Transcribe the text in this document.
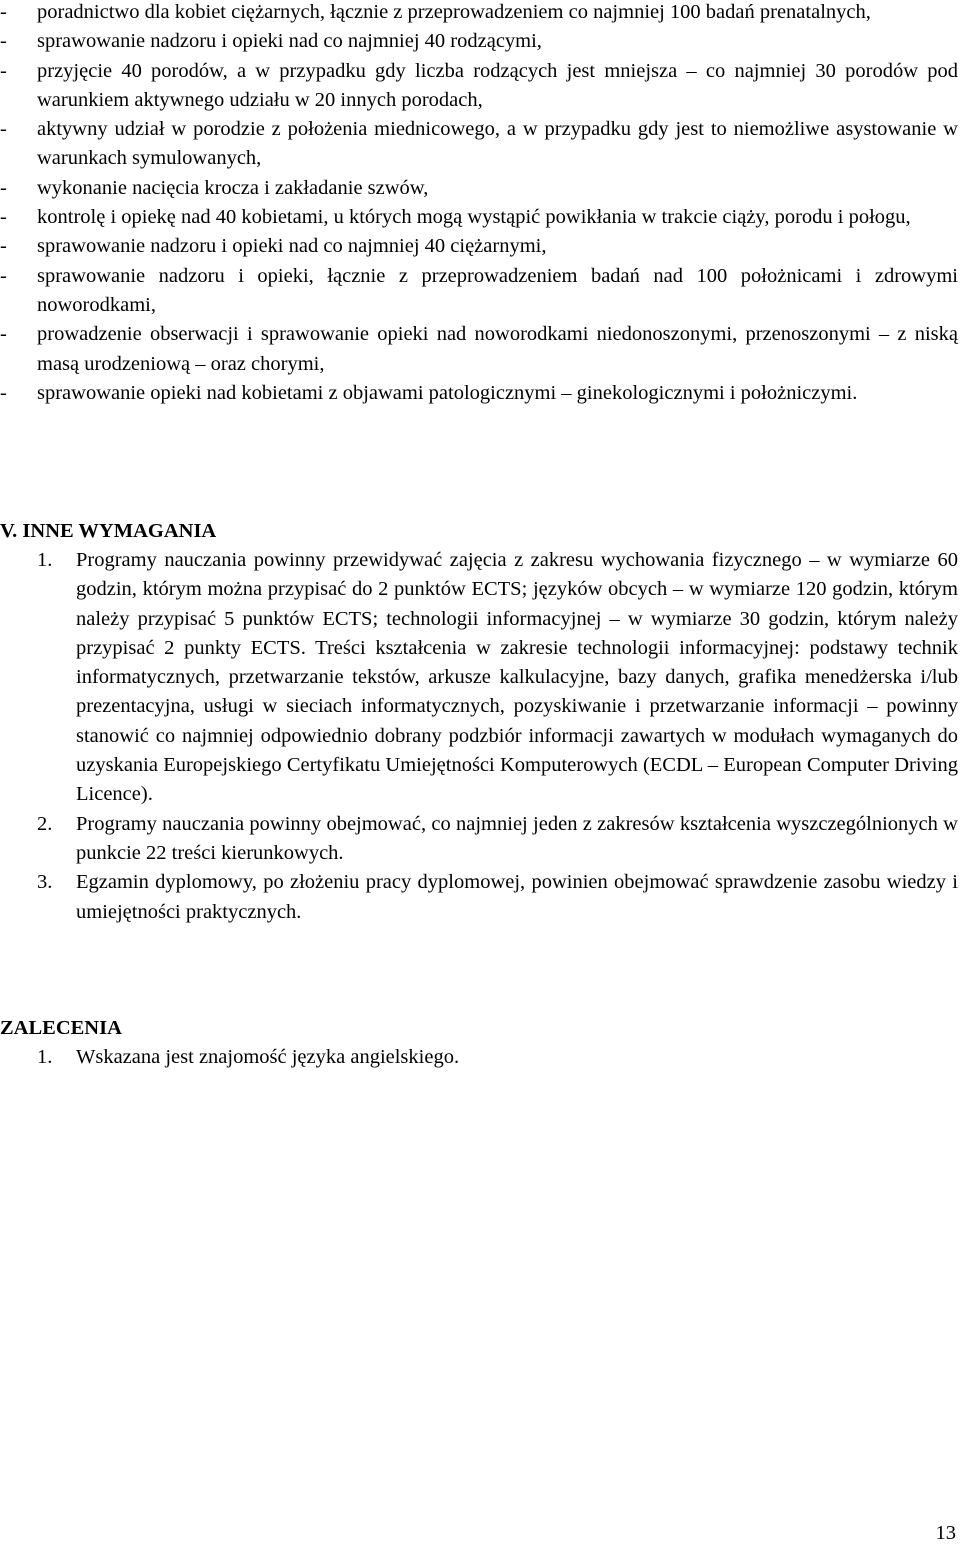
- poradnictwo dla kobiet ciężarnych, łącznie z przeprowadzeniem co najmniej 100 badań prenatalnych,
- sprawowanie nadzoru i opieki nad co najmniej 40 rodzącymi,
- przyjęcie 40 porodów, a w przypadku gdy liczba rodzących jest mniejsza – co najmniej 30 porodów pod warunkiem aktywnego udziału w 20 innych porodach,
- aktywny udział w porodzie z położenia miednicowego, a w przypadku gdy jest to niemożliwe asystowanie w warunkach symulowanych,
- wykonanie nacięcia krocza i zakładanie szwów,
- kontrolę i opiekę nad 40 kobietami, u których mogą wystąpić powikłania w trakcie ciąży, porodu i połogu,
- sprawowanie nadzoru i opieki nad co najmniej 40 ciężarnymi,
- sprawowanie nadzoru i opieki, łącznie z przeprowadzeniem badań nad 100 położnicami i zdrowymi noworodkami,
- prowadzenie obserwacji i sprawowanie opieki nad noworodkami niedonoszonymi, przenoszonymi – z niską masą urodzeniową – oraz chorymi,
- sprawowanie opieki nad kobietami z objawami patologicznymi – ginekologicznymi i położniczymi.
V. INNE WYMAGANIA
1. Programy nauczania powinny przewidywać zajęcia z zakresu wychowania fizycznego – w wymiarze 60 godzin, którym można przypisać do 2 punktów ECTS; języków obcych – w wymiarze 120 godzin, którym należy przypisać 5 punktów ECTS; technologii informacyjnej – w wymiarze 30 godzin, którym należy przypisać 2 punkty ECTS. Treści kształcenia w zakresie technologii informacyjnej: podstawy technik informatycznych, przetwarzanie tekstów, arkusze kalkulacyjne, bazy danych, grafika menedżerska i/lub prezentacyjna, usługi w sieciach informatycznych, pozyskiwanie i przetwarzanie informacji – powinny stanowić co najmniej odpowiednio dobrany podzbiór informacji zawartych w modułach wymaganych do uzyskania Europejskiego Certyfikatu Umiejętności Komputerowych (ECDL – European Computer Driving Licence).
2. Programy nauczania powinny obejmować, co najmniej jeden z zakresów kształcenia wyszczególnionych w punkcie 22 treści kierunkowych.
3. Egzamin dyplomowy, po złożeniu pracy dyplomowej, powinien obejmować sprawdzenie zasobu wiedzy i umiejętności praktycznych.
ZALECENIA
1. Wskazana jest znajomość języka angielskiego.
13
